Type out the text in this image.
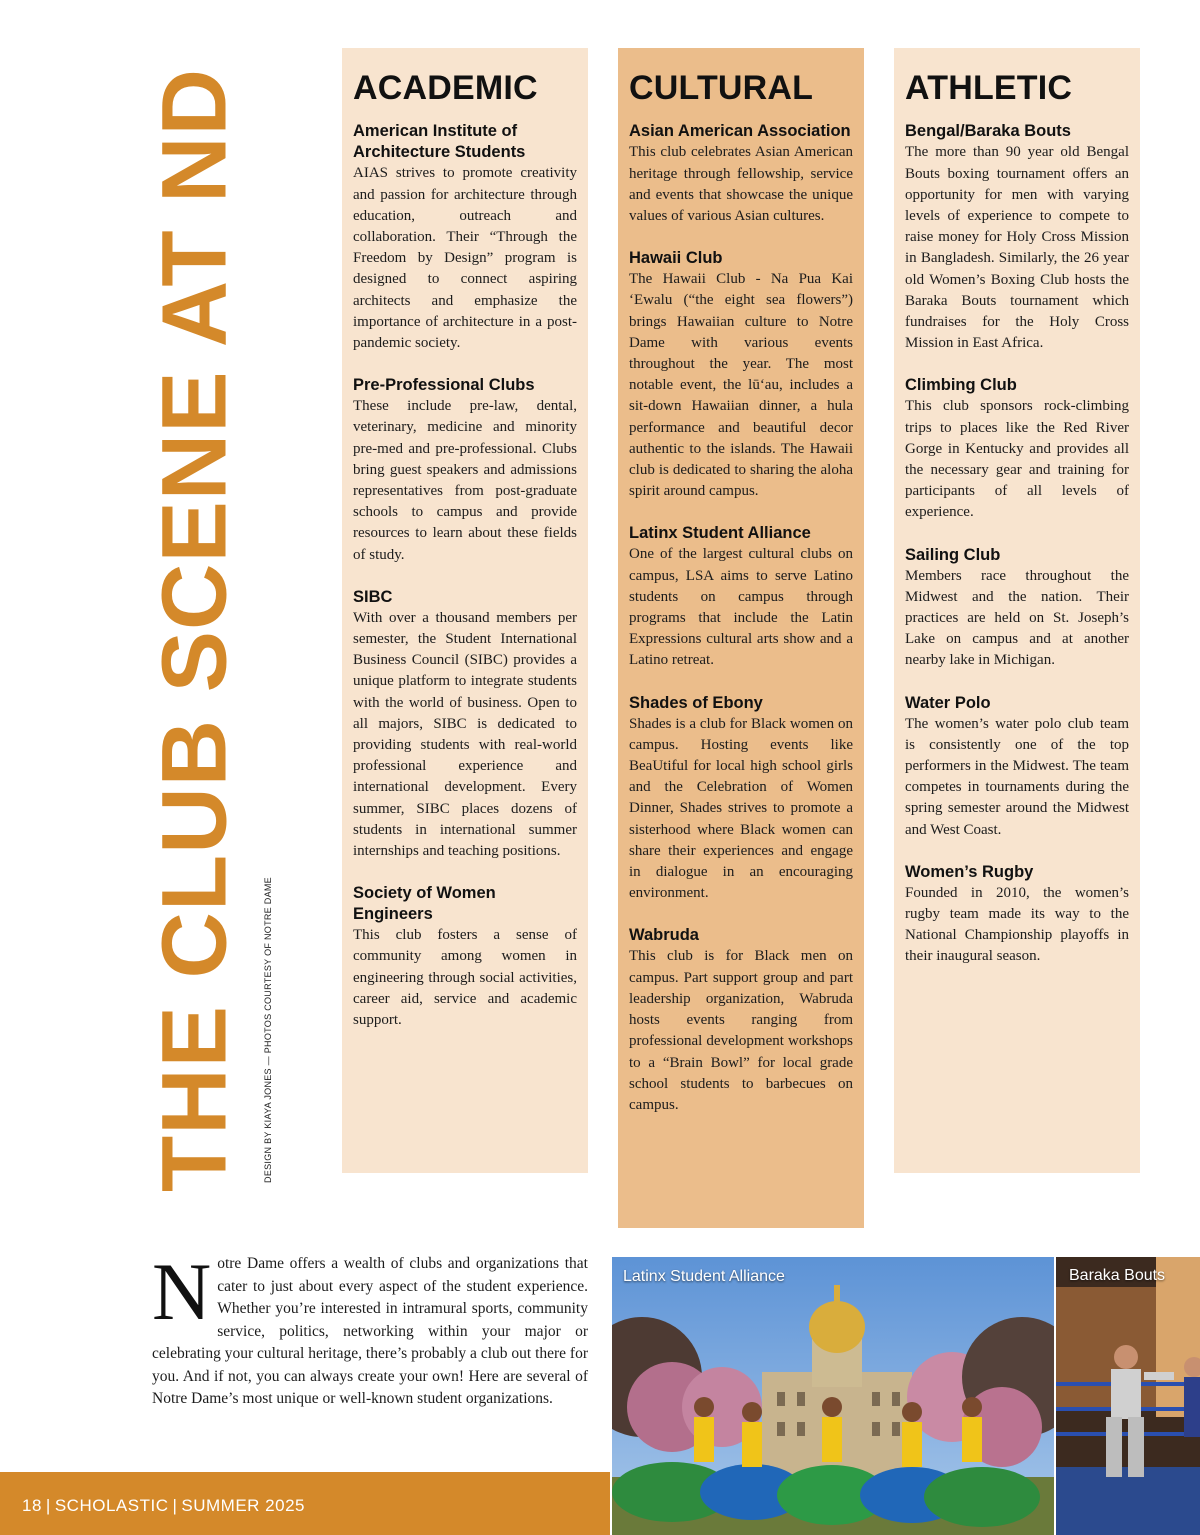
THE CLUB SCENE AT ND DESIGN BY KIAYA JONES — PHOTOS COURTESY OF NOTRE DAME
ACADEMIC
American Institute of Architecture Students

AIAS strives to promote creativity and passion for architecture through education, outreach and collaboration. Their “Through the Freedom by Design” program is designed to connect aspiring architects and emphasize the importance of architecture in a post-pandemic society.

Pre-Professional Clubs

These include pre-law, dental, veterinary, medicine and minority pre-med and pre-professional. Clubs bring guest speakers and admissions representatives from post-graduate schools to campus and provide resources to learn about these fields of study.

SIBC

With over a thousand members per semester, the Student International Business Council (SIBC) provides a unique platform to integrate students with the world of business. Open to all majors, SIBC is dedicated to providing students with real-world professional experience and international development. Every summer, SIBC places dozens of students in international summer internships and teaching positions.

Society of Women Engineers

This club fosters a sense of community among women in engineering through social activities, career aid, service and academic support.

CULTURAL
Asian American Association

This club celebrates Asian American heritage through fellowship, service and events that showcase the unique values of various Asian cultures.

Hawaii Club

The Hawaii Club - Na Pua Kai ‘Ewalu (“the eight sea flowers”) brings Hawaiian culture to Notre Dame with various events throughout the year. The most notable event, the lūʻau, includes a sit-down Hawaiian dinner, a hula performance and beautiful decor authentic to the islands. The Hawaii club is dedicated to sharing the aloha spirit around campus.

Latinx Student Alliance

One of the largest cultural clubs on campus, LSA aims to serve Latino students on campus through programs that include the Latin Expressions cultural arts show and a Latino retreat.

Shades of Ebony

Shades is a club for Black women on campus. Hosting events like BeaUtiful for local high school girls and the Celebration of Women Dinner, Shades strives to promote a sisterhood where Black women can share their experiences and engage in dialogue in an encouraging environment.

Wabruda

This club is for Black men on campus. Part support group and part leadership organization, Wabruda hosts events ranging from professional development workshops to a “Brain Bowl” for local grade school students to barbecues on campus.

ATHLETIC
Bengal/Baraka Bouts

The more than 90 year old Bengal Bouts boxing tournament offers an opportunity for men with varying levels of experience to compete to raise money for Holy Cross Mission in Bangladesh. Similarly, the 26 year old Women’s Boxing Club hosts the Baraka Bouts tournament which fundraises for the Holy Cross Mission in East Africa.

Climbing Club

This club sponsors rock-climbing trips to places like the Red River Gorge in Kentucky and provides all the necessary gear and training for participants of all levels of experience.

Sailing Club

Members race throughout the Midwest and the nation. Their practices are held on St. Joseph’s Lake on campus and at another nearby lake in Michigan.

Water Polo

The women’s water polo club team is consistently one of the top performers in the Midwest. The team competes in tournaments during the spring semester around the Midwest and West Coast.

Women’s Rugby

Founded in 2010, the women’s rugby team made its way to the National Championship playoffs in their inaugural season.

Notre Dame offers a wealth of clubs and organizations that cater to just about every aspect of the student experience. Whether you’re interested in intramural sports, community service, politics, networking within your major or celebrating your cultural heritage, there’s probably a club out there for you. And if not, you can always create your own! Here are several of Notre Dame’s most unique or well-known student organizations.
18 | SCHOLASTIC | SUMMER 2025
Latinx Student Alliance	Baraka Bouts
